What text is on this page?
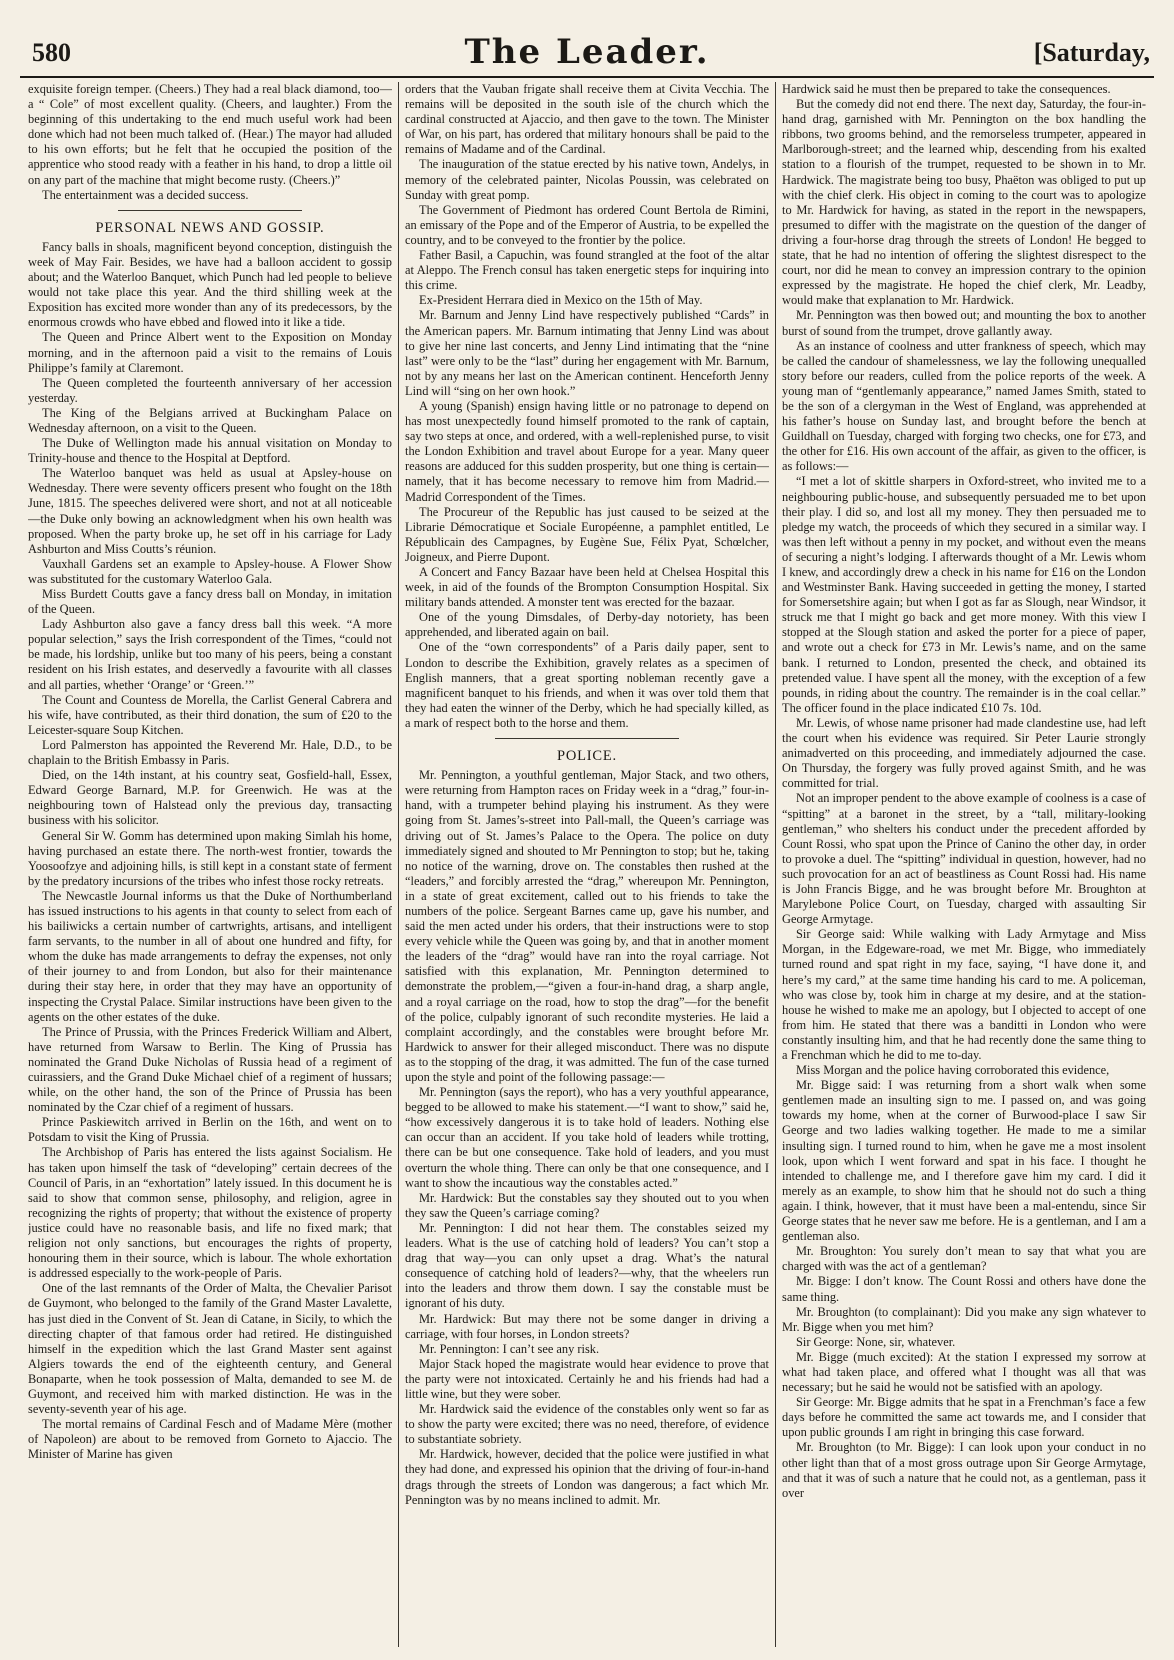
580	The Leader.	[Saturday,

exquisite foreign temper. (Cheers.) They had a real black diamond, too—a “ Cole” of most excellent quality. (Cheers, and laughter.) From the beginning of this undertaking to the end much useful work had been done which had not been much talked of. (Hear.) The mayor had alluded to his own efforts; but he felt that he occupied the position of the apprentice who stood ready with a feather in his hand, to drop a little oil on any part of the machine that might become rusty. (Cheers.)”

The entertainment was a decided success.

PERSONAL NEWS AND GOSSIP.

Fancy balls in shoals, magnificent beyond conception, distinguish the week of May Fair. Besides, we have had a balloon accident to gossip about; and the Waterloo Banquet, which Punch had led people to believe would not take place this year. And the third shilling week at the Exposition has excited more wonder than any of its predecessors, by the enormous crowds who have ebbed and flowed into it like a tide.

The Queen and Prince Albert went to the Exposition on Monday morning, and in the afternoon paid a visit to the remains of Louis Philippe’s family at Claremont.

The Queen completed the fourteenth anniversary of her accession yesterday.

The King of the Belgians arrived at Buckingham Palace on Wednesday afternoon, on a visit to the Queen.

The Duke of Wellington made his annual visitation on Monday to Trinity-house and thence to the Hospital at Deptford.

The Waterloo banquet was held as usual at Apsley-house on Wednesday. There were seventy officers present who fought on the 18th June, 1815. The speeches delivered were short, and not at all noticeable—the Duke only bowing an acknowledgment when his own health was proposed. When the party broke up, he set off in his carriage for Lady Ashburton and Miss Coutts’s réunion.

Vauxhall Gardens set an example to Apsley-house. A Flower Show was substituted for the customary Waterloo Gala.

Miss Burdett Coutts gave a fancy dress ball on Monday, in imitation of the Queen.

Lady Ashburton also gave a fancy dress ball this week. “A more popular selection,” says the Irish correspondent of the Times, “could not be made, his lordship, unlike but too many of his peers, being a constant resident on his Irish estates, and deservedly a favourite with all classes and all parties, whether ‘Orange’ or ‘Green.’”

The Count and Countess de Morella, the Carlist General Cabrera and his wife, have contributed, as their third donation, the sum of £20 to the Leicester-square Soup Kitchen.

Lord Palmerston has appointed the Reverend Mr. Hale, D.D., to be chaplain to the British Embassy in Paris.

Died, on the 14th instant, at his country seat, Gosfield-hall, Essex, Edward George Barnard, M.P. for Greenwich. He was at the neighbouring town of Halstead only the previous day, transacting business with his solicitor.

General Sir W. Gomm has determined upon making Simlah his home, having purchased an estate there. The north-west frontier, towards the Yoosoofzye and adjoining hills, is still kept in a constant state of ferment by the predatory incursions of the tribes who infest those rocky retreats.

The Newcastle Journal informs us that the Duke of Northumberland has issued instructions to his agents in that county to select from each of his bailiwicks a certain number of cartwrights, artisans, and intelligent farm servants, to the number in all of about one hundred and fifty, for whom the duke has made arrangements to defray the expenses, not only of their journey to and from London, but also for their maintenance during their stay here, in order that they may have an opportunity of inspecting the Crystal Palace. Similar instructions have been given to the agents on the other estates of the duke.

The Prince of Prussia, with the Princes Frederick William and Albert, have returned from Warsaw to Berlin. The King of Prussia has nominated the Grand Duke Nicholas of Russia head of a regiment of cuirassiers, and the Grand Duke Michael chief of a regiment of hussars; while, on the other hand, the son of the Prince of Prussia has been nominated by the Czar chief of a regiment of hussars.

Prince Paskiewitch arrived in Berlin on the 16th, and went on to Potsdam to visit the King of Prussia.

The Archbishop of Paris has entered the lists against Socialism. He has taken upon himself the task of “developing” certain decrees of the Council of Paris, in an “exhortation” lately issued. In this document he is said to show that common sense, philosophy, and religion, agree in recognizing the rights of property; that without the existence of property justice could have no reasonable basis, and life no fixed mark; that religion not only sanctions, but encourages the rights of property, honouring them in their source, which is labour. The whole exhortation is addressed especially to the work-people of Paris.

One of the last remnants of the Order of Malta, the Chevalier Parisot de Guymont, who belonged to the family of the Grand Master Lavalette, has just died in the Convent of St. Jean di Catane, in Sicily, to which the directing chapter of that famous order had retired. He distinguished himself in the expedition which the last Grand Master sent against Algiers towards the end of the eighteenth century, and General Bonaparte, when he took possession of Malta, demanded to see M. de Guymont, and received him with marked distinction. He was in the seventy-seventh year of his age.

The mortal remains of Cardinal Fesch and of Madame Mère (mother of Napoleon) are about to be removed from Gorneto to Ajaccio. The Minister of Marine has given

orders that the Vauban frigate shall receive them at Civita Vecchia. The remains will be deposited in the south isle of the church which the cardinal constructed at Ajaccio, and then gave to the town. The Minister of War, on his part, has ordered that military honours shall be paid to the remains of Madame and of the Cardinal.

The inauguration of the statue erected by his native town, Andelys, in memory of the celebrated painter, Nicolas Poussin, was celebrated on Sunday with great pomp.

The Government of Piedmont has ordered Count Bertola de Rimini, an emissary of the Pope and of the Emperor of Austria, to be expelled the country, and to be conveyed to the frontier by the police.

Father Basil, a Capuchin, was found strangled at the foot of the altar at Aleppo. The French consul has taken energetic steps for inquiring into this crime.

Ex-President Herrara died in Mexico on the 15th of May.

Mr. Barnum and Jenny Lind have respectively published “Cards” in the American papers. Mr. Barnum intimating that Jenny Lind was about to give her nine last concerts, and Jenny Lind intimating that the “nine last” were only to be the “last” during her engagement with Mr. Barnum, not by any means her last on the American continent. Henceforth Jenny Lind will “sing on her own hook.”

A young (Spanish) ensign having little or no patronage to depend on has most unexpectedly found himself promoted to the rank of captain, say two steps at once, and ordered, with a well-replenished purse, to visit the London Exhibition and travel about Europe for a year. Many queer reasons are adduced for this sudden prosperity, but one thing is certain—namely, that it has become necessary to remove him from Madrid.—Madrid Correspondent of the Times.

The Procureur of the Republic has just caused to be seized at the Librarie Démocratique et Sociale Européenne, a pamphlet entitled, Le Républicain des Campagnes, by Eugène Sue, Félix Pyat, Schœlcher, Joigneux, and Pierre Dupont.

A Concert and Fancy Bazaar have been held at Chelsea Hospital this week, in aid of the founds of the Brompton Consumption Hospital. Six military bands attended. A monster tent was erected for the bazaar.

One of the young Dimsdales, of Derby-day notoriety, has been apprehended, and liberated again on bail.

One of the “own correspondents” of a Paris daily paper, sent to London to describe the Exhibition, gravely relates as a specimen of English manners, that a great sporting nobleman recently gave a magnificent banquet to his friends, and when it was over told them that they had eaten the winner of the Derby, which he had specially killed, as a mark of respect both to the horse and them.

POLICE.

Mr. Pennington, a youthful gentleman, Major Stack, and two others, were returning from Hampton races on Friday week in a “drag,” four-in-hand, with a trumpeter behind playing his instrument. As they were going from St. James’s-street into Pall-mall, the Queen’s carriage was driving out of St. James’s Palace to the Opera. The police on duty immediately signed and shouted to Mr Pennington to stop; but he, taking no notice of the warning, drove on. The constables then rushed at the “leaders,” and forcibly arrested the “drag,” whereupon Mr. Pennington, in a state of great excitement, called out to his friends to take the numbers of the police. Sergeant Barnes came up, gave his number, and said the men acted under his orders, that their instructions were to stop every vehicle while the Queen was going by, and that in another moment the leaders of the “drag” would have ran into the royal carriage. Not satisfied with this explanation, Mr. Pennington determined to demonstrate the problem,—“given a four-in-hand drag, a sharp angle, and a royal carriage on the road, how to stop the drag”—for the benefit of the police, culpably ignorant of such recondite mysteries. He laid a complaint accordingly, and the constables were brought before Mr. Hardwick to answer for their alleged misconduct. There was no dispute as to the stopping of the drag, it was admitted. The fun of the case turned upon the style and point of the following passage:—

Mr. Pennington (says the report), who has a very youthful appearance, begged to be allowed to make his statement.—“I want to show,” said he, “how excessively dangerous it is to take hold of leaders. Nothing else can occur than an accident. If you take hold of leaders while trotting, there can be but one consequence. Take hold of leaders, and you must overturn the whole thing. There can only be that one consequence, and I want to show the incautious way the constables acted.”

Mr. Hardwick: But the constables say they shouted out to you when they saw the Queen’s carriage coming?

Mr. Pennington: I did not hear them. The constables seized my leaders. What is the use of catching hold of leaders? You can’t stop a drag that way—you can only upset a drag. What’s the natural consequence of catching hold of leaders?—why, that the wheelers run into the leaders and throw them down. I say the constable must be ignorant of his duty.

Mr. Hardwick: But may there not be some danger in driving a carriage, with four horses, in London streets?

Mr. Pennington: I can’t see any risk.

Major Stack hoped the magistrate would hear evidence to prove that the party were not intoxicated. Certainly he and his friends had had a little wine, but they were sober.

Mr. Hardwick said the evidence of the constables only went so far as to show the party were excited; there was no need, therefore, of evidence to substantiate sobriety.

Mr. Hardwick, however, decided that the police were justified in what they had done, and expressed his opinion that the driving of four-in-hand drags through the streets of London was dangerous; a fact which Mr. Pennington was by no means inclined to admit. Mr.

Hardwick said he must then be prepared to take the consequences.

But the comedy did not end there. The next day, Saturday, the four-in-hand drag, garnished with Mr. Pennington on the box handling the ribbons, two grooms behind, and the remorseless trumpeter, appeared in Marlborough-street; and the learned whip, descending from his exalted station to a flourish of the trumpet, requested to be shown in to Mr. Hardwick. The magistrate being too busy, Phaëton was obliged to put up with the chief clerk. His object in coming to the court was to apologize to Mr. Hardwick for having, as stated in the report in the newspapers, presumed to differ with the magistrate on the question of the danger of driving a four-horse drag through the streets of London! He begged to state, that he had no intention of offering the slightest disrespect to the court, nor did he mean to convey an impression contrary to the opinion expressed by the magistrate. He hoped the chief clerk, Mr. Leadby, would make that explanation to Mr. Hardwick.

Mr. Pennington was then bowed out; and mounting the box to another burst of sound from the trumpet, drove gallantly away.

As an instance of coolness and utter frankness of speech, which may be called the candour of shamelessness, we lay the following unequalled story before our readers, culled from the police reports of the week. A young man of “gentlemanly appearance,” named James Smith, stated to be the son of a clergyman in the West of England, was apprehended at his father’s house on Sunday last, and brought before the bench at Guildhall on Tuesday, charged with forging two checks, one for £73, and the other for £16. His own account of the affair, as given to the officer, is as follows:—

“I met a lot of skittle sharpers in Oxford-street, who invited me to a neighbouring public-house, and subsequently persuaded me to bet upon their play. I did so, and lost all my money. They then persuaded me to pledge my watch, the proceeds of which they secured in a similar way. I was then left without a penny in my pocket, and without even the means of securing a night’s lodging. I afterwards thought of a Mr. Lewis whom I knew, and accordingly drew a check in his name for £16 on the London and Westminster Bank. Having succeeded in getting the money, I started for Somersetshire again; but when I got as far as Slough, near Windsor, it struck me that I might go back and get more money. With this view I stopped at the Slough station and asked the porter for a piece of paper, and wrote out a check for £73 in Mr. Lewis’s name, and on the same bank. I returned to London, presented the check, and obtained its pretended value. I have spent all the money, with the exception of a few pounds, in riding about the country. The remainder is in the coal cellar.” The officer found in the place indicated £10 7s. 10d.

Mr. Lewis, of whose name prisoner had made clandestine use, had left the court when his evidence was required. Sir Peter Laurie strongly animadverted on this proceeding, and immediately adjourned the case. On Thursday, the forgery was fully proved against Smith, and he was committed for trial.

Not an improper pendent to the above example of coolness is a case of “spitting” at a baronet in the street, by a “tall, military-looking gentleman,” who shelters his conduct under the precedent afforded by Count Rossi, who spat upon the Prince of Canino the other day, in order to provoke a duel. The “spitting” individual in question, however, had no such provocation for an act of beastliness as Count Rossi had. His name is John Francis Bigge, and he was brought before Mr. Broughton at Marylebone Police Court, on Tuesday, charged with assaulting Sir George Armytage.

Sir George said: While walking with Lady Armytage and Miss Morgan, in the Edgeware-road, we met Mr. Bigge, who immediately turned round and spat right in my face, saying, “I have done it, and here’s my card,” at the same time handing his card to me. A policeman, who was close by, took him in charge at my desire, and at the station-house he wished to make me an apology, but I objected to accept of one from him. He stated that there was a banditti in London who were constantly insulting him, and that he had recently done the same thing to a Frenchman which he did to me to-day.

Miss Morgan and the police having corroborated this evidence,

Mr. Bigge said: I was returning from a short walk when some gentlemen made an insulting sign to me. I passed on, and was going towards my home, when at the corner of Burwood-place I saw Sir George and two ladies walking together. He made to me a similar insulting sign. I turned round to him, when he gave me a most insolent look, upon which I went forward and spat in his face. I thought he intended to challenge me, and I therefore gave him my card. I did it merely as an example, to show him that he should not do such a thing again. I think, however, that it must have been a mal-entendu, since Sir George states that he never saw me before. He is a gentleman, and I am a gentleman also.

Mr. Broughton: You surely don’t mean to say that what you are charged with was the act of a gentleman?

Mr. Bigge: I don’t know. The Count Rossi and others have done the same thing.

Mr. Broughton (to complainant): Did you make any sign whatever to Mr. Bigge when you met him?

Sir George: None, sir, whatever.

Mr. Bigge (much excited): At the station I expressed my sorrow at what had taken place, and offered what I thought was all that was necessary; but he said he would not be satisfied with an apology.

Sir George: Mr. Bigge admits that he spat in a Frenchman’s face a few days before he committed the same act towards me, and I consider that upon public grounds I am right in bringing this case forward.

Mr. Broughton (to Mr. Bigge): I can look upon your conduct in no other light than that of a most gross outrage upon Sir George Armytage, and that it was of such a nature that he could not, as a gentleman, pass it over
